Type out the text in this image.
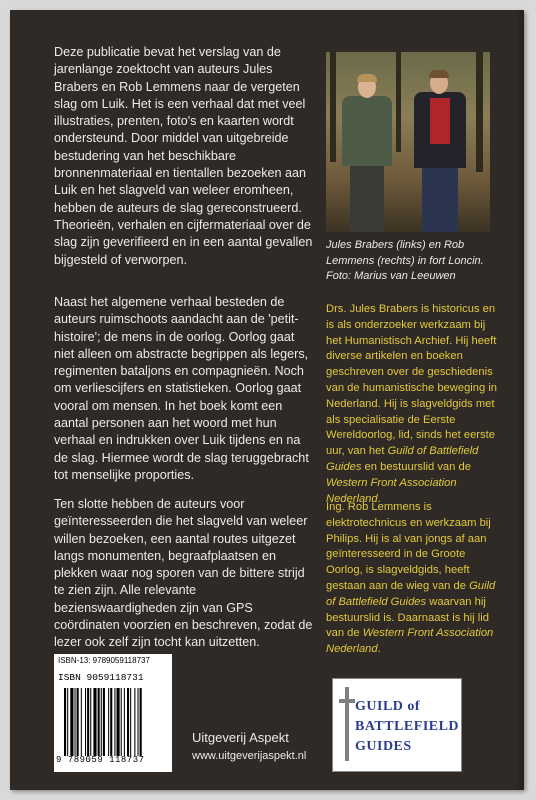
Deze publicatie bevat het verslag van de jarenlange zoektocht van auteurs Jules Brabers en Rob Lemmens naar de vergeten slag om Luik. Het is een verhaal dat met veel illustraties, prenten, foto's en kaarten wordt ondersteund. Door middel van uitgebreide bestudering van het beschikbare bronnenmateriaal en tientallen bezoeken aan Luik en het slagveld van weleer eromheen, hebben de auteurs de slag gereconstrueerd. Theorieën, verhalen en cijfermateriaal over de slag zijn geverifieerd en in een aantal gevallen bijgesteld of verworpen.

Naast het algemene verhaal besteden de auteurs ruimschoots aandacht aan de 'petit-histoire'; de mens in de oorlog. Oorlog gaat niet alleen om abstracte begrippen als legers, regimenten bataljons en compagnieën. Noch om verliescijfers en statistieken. Oorlog gaat vooral om mensen. In het boek komt een aantal personen aan het woord met hun verhaal en indrukken over Luik tijdens en na de slag. Hiermee wordt de slag teruggebracht tot menselijke proporties.

Ten slotte hebben de auteurs voor geïnteresseerden die het slagveld van weleer willen bezoeken, een aantal routes uitgezet langs monumenten, begraafplaatsen en plekken waar nog sporen van de bittere strijd te zien zijn. Alle relevante bezienswaardigheden zijn van GPS coördinaten voorzien en beschreven, zodat de lezer ook zelf zijn tocht kan uitzetten.

Jules Brabers (links) en Rob Lemmens (rechts) in fort Loncin. Foto: Marius van Leeuwen

Drs. Jules Brabers is historicus en is als onderzoeker werkzaam bij het Humanistisch Archief. Hij heeft diverse artikelen en boeken geschreven over de geschiedenis van de humanistische beweging in Nederland. Hij is slagveldgids met als specialisatie de Eerste Wereldoorlog, lid, sinds het eerste uur, van het Guild of Battlefield Guides en bestuurslid van de Western Front Association Nederland.

Ing. Rob Lemmens is elektrotechnicus en werkzaam bij Philips. Hij is al van jongs af aan geïnteresseerd in de Groote Oorlog, is slagveldgids, heeft gestaan aan de wieg van de Guild of Battlefield Guides waarvan hij bestuurslid is. Daarnaast is hij lid van de Western Front Association Nederland.

ISBN-13: 9789059118737
ISBN 9059118731
9 789059 118737

Uitgeverij Aspekt

www.uitgeverijaspekt.nl

GUILD of
BATTLEFIELD
GUIDES
